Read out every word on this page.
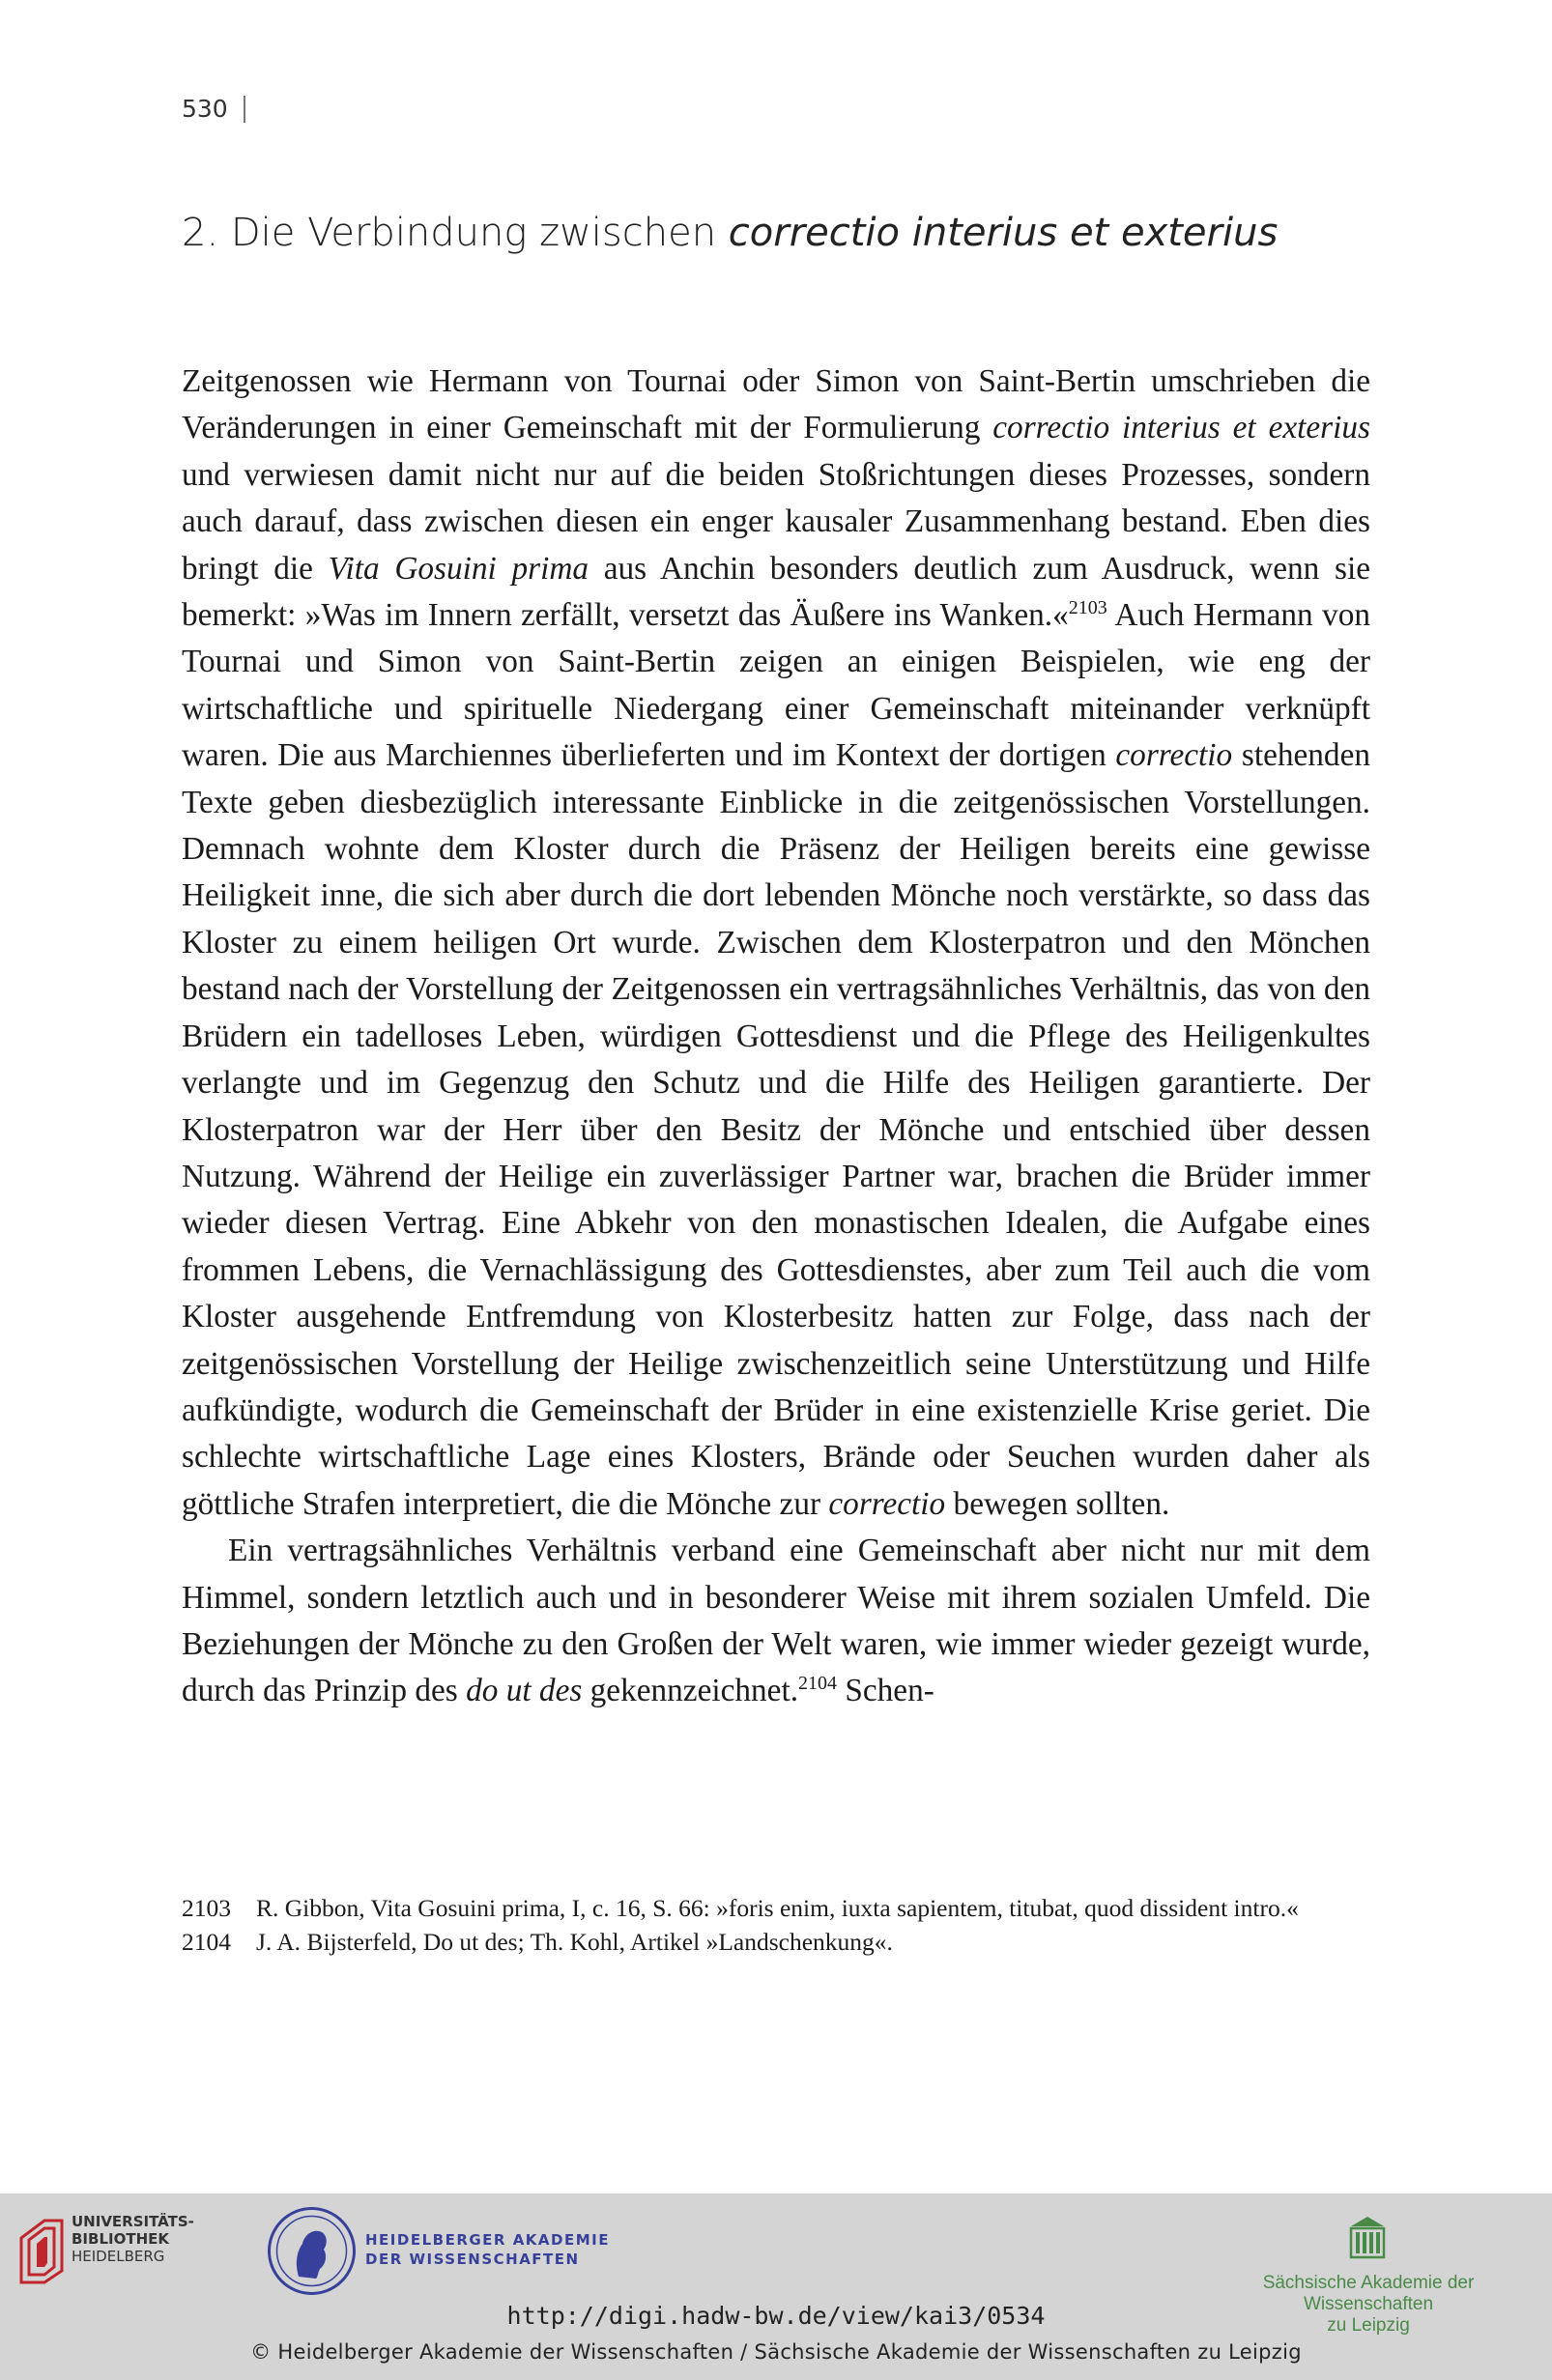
530
2. Die Verbindung zwischen correctio interius et exterius

Zeitgenossen wie Hermann von Tournai oder Simon von Saint-Bertin umschrieben die Veränderungen in einer Gemeinschaft mit der Formulierung correctio interius et exterius und verwiesen damit nicht nur auf die beiden Stoßrichtungen dieses Prozesses, sondern auch darauf, dass zwischen diesen ein enger kausaler Zusammenhang bestand. Eben dies bringt die Vita Gosuini prima aus Anchin besonders deutlich zum Ausdruck, wenn sie bemerkt: »Was im Innern zerfällt, versetzt das Äußere ins Wanken.«$^{2103}$ Auch Hermann von Tournai und Simon von Saint-Bertin zeigen an einigen Beispielen, wie eng der wirtschaftliche und spirituelle Niedergang einer Gemeinschaft miteinander verknüpft waren. Die aus Marchiennes überlieferten und im Kontext der dortigen correctio stehenden Texte geben diesbezüglich interessante Einblicke in die zeitgenössischen Vorstellungen. Demnach wohnte dem Kloster durch die Präsenz der Heiligen bereits eine gewisse Heiligkeit inne, die sich aber durch die dort lebenden Mönche noch verstärkte, so dass das Kloster zu einem heiligen Ort wurde. Zwischen dem Klosterpatron und den Mönchen bestand nach der Vorstellung der Zeitgenossen ein vertragsähnliches Verhältnis, das von den Brüdern ein tadelloses Leben, würdigen Gottesdienst und die Pflege des Heiligenkultes verlangte und im Gegenzug den Schutz und die Hilfe des Heiligen garantierte. Der Klosterpatron war der Herr über den Besitz der Mönche und entschied über dessen Nutzung. Während der Heilige ein zuverlässiger Partner war, brachen die Brüder immer wieder diesen Vertrag. Eine Abkehr von den monastischen Idealen, die Aufgabe eines frommen Lebens, die Vernachlässigung des Gottesdienstes, aber zum Teil auch die vom Kloster ausgehende Entfremdung von Klosterbesitz hatten zur Folge, dass nach der zeitgenössischen Vorstellung der Heilige zwischenzeitlich seine Unterstützung und Hilfe aufkündigte, wodurch die Gemeinschaft der Brüder in eine existenzielle Krise geriet. Die schlechte wirtschaftliche Lage eines Klosters, Brände oder Seuchen wurden daher als göttliche Strafen interpretiert, die die Mönche zur correctio bewegen sollten.

Ein vertragsähnliches Verhältnis verband eine Gemeinschaft aber nicht nur mit dem Himmel, sondern letztlich auch und in besonderer Weise mit ihrem sozialen Umfeld. Die Beziehungen der Mönche zu den Großen der Welt waren, wie immer wieder gezeigt wurde, durch das Prinzip des do ut des gekennzeichnet.$^{2104}$ Schen-

2103	R. Gibbon, Vita Gosuini prima, I, c. 16, S. 66: »foris enim, iuxta sapientem, titubat, quod dissident intro.«
2104	J. A. Bijsterfeld, Do ut des; Th. Kohl, Artikel »Landschenkung«.
UNIVERSITÄTS-
BIBLIOTHEK
HEIDELBERG
HEIDELBERGER AKADEMIE
DER WISSENSCHAFTEN
Sächsische Akademie der Wissenschaften
zu Leipzig
http://digi.hadw-bw.de/view/kai3/0534
© Heidelberger Akademie der Wissenschaften / Sächsische Akademie der Wissenschaften zu Leipzig
